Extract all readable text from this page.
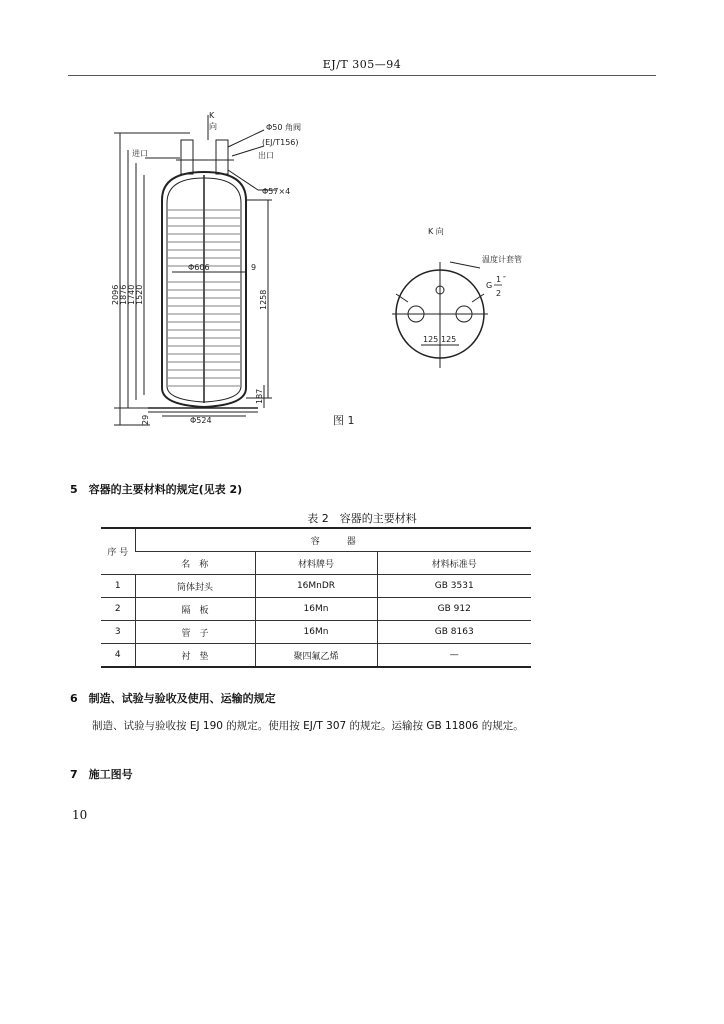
EJ/T 305—94
K
向	Φ50 角阀
(EJ/T156)
进口	出口
Φ57×4
Φ606	9
Φ524
2096 1876 1740 1520	1258
29
187
K 向
温度计套管
G
1
2
″
125 125
图 1
5　容器的主要材料的规定(见表 2)
表 2　容器的主要材料
序 号	容　　　器		
	名　称	材料牌号	材料标准号
1	筒体封头	16MnDR	GB 3531
2	隔　板	16Mn	GB 912
3	管　子	16Mn	GB 8163
4	衬　垫	聚四氟乙烯	—
6　制造、试验与验收及使用、运输的规定
制造、试验与验收按 EJ 190 的规定。使用按 EJ/T 307 的规定。运输按 GB 11806 的规定。
7　施工图号
10
